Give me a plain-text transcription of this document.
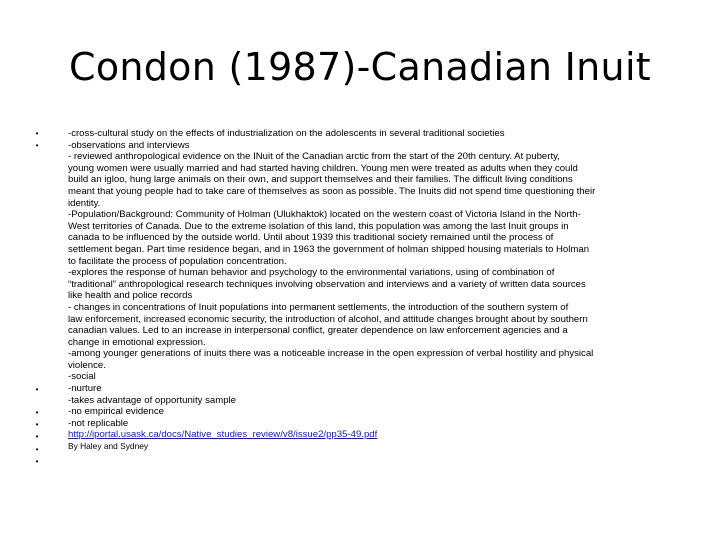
Condon (1987)-Canadian Inuit
•
•
•
•
•
•
•
•
-cross-cultural study on the effects of industrialization on the adolescents in several traditional societies
-observations and interviews
- reviewed anthropological evidence on the INuit of the Canadian arctic from the start of the 20th century. At puberty,
young women were usually married and had started having children. Young men were treated as adults when they could
build an igloo, hung large animals on their own, and support themselves and their families. The difficult living conditions
meant that young people had to take care of themselves as soon as possible. The Inuits did not spend time questioning their
identity.
-Population/Background: Community of Holman (Ulukhaktok) located on the western coast of Victoria Island in the North-
West territories of Canada. Due to the extreme isolation of this land, this population was among the last Inuit groups in
canada to be influenced by the outside world. Until about 1939 this traditional society remained until the process of
settlement began. Part time residence began, and in 1963 the government of holman shipped housing materials to Holman
to facilitate the process of population concentration.
-explores the response of human behavior and psychology to the environmental variations, using of combination of
“traditional” anthropological research techniques involving observation and interviews and a variety of written data sources
like health and police records
- changes in concentrations of Inuit populations into permanent settlements, the introduction of the southern system of
law enforcement, increased economic security, the introduction of alcohol, and attitude changes brought about by southern
canadian values. Led to an increase in interpersonal conflict, greater dependence on law enforcement agencies and a
change in emotional expression.
-among younger generations of inuits there was a noticeable increase in the open expression of verbal hostility and physical
violence.
-social
-nurture
-takes advantage of opportunity sample
-no empirical evidence
-not replicable
http://iportal.usask.ca/docs/Native_studies_review/v8/issue2/pp35-49.pdf
By Haley and Sydney
